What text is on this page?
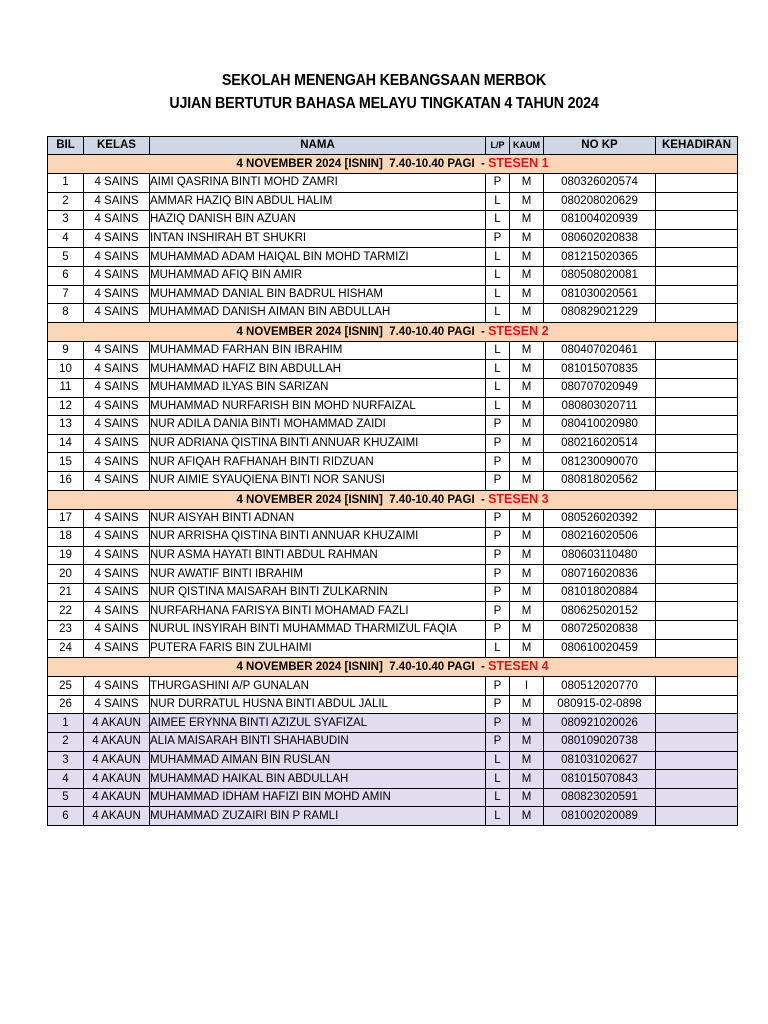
SEKOLAH MENENGAH KEBANGSAAN MERBOK
UJIAN BERTUTUR BAHASA MELAYU TINGKATAN 4 TAHUN 2024
BIL	KELAS	NAMA	L/P	KAUM	NO KP	KEHADIRAN
4 NOVEMBER 2024 [ISNIN]  7.40-10.40 PAGI  - STESEN 1						
1	4 SAINS	AIMI QASRINA BINTI MOHD ZAMRI	P	M	080326020574	
2	4 SAINS	AMMAR HAZIQ BIN ABDUL HALIM	L	M	080208020629	
3	4 SAINS	HAZIQ DANISH BIN AZUAN	L	M	081004020939	
4	4 SAINS	INTAN INSHIRAH BT SHUKRI	P	M	080602020838	
5	4 SAINS	MUHAMMAD ADAM HAIQAL BIN MOHD TARMIZI	L	M	081215020365	
6	4 SAINS	MUHAMMAD AFIQ BIN AMIR	L	M	080508020081	
7	4 SAINS	MUHAMMAD DANIAL BIN BADRUL HISHAM	L	M	081030020561	
8	4 SAINS	MUHAMMAD DANISH AIMAN BIN ABDULLAH	L	M	080829021229	
4 NOVEMBER 2024 [ISNIN]  7.40-10.40 PAGI  - STESEN 2						
9	4 SAINS	MUHAMMAD FARHAN BIN IBRAHIM	L	M	080407020461	
10	4 SAINS	MUHAMMAD HAFIZ BIN ABDULLAH	L	M	081015070835	
11	4 SAINS	MUHAMMAD ILYAS BIN SARIZAN	L	M	080707020949	
12	4 SAINS	MUHAMMAD NURFARISH BIN MOHD NURFAIZAL	L	M	080803020711	
13	4 SAINS	NUR ADILA DANIA BINTI MOHAMMAD ZAIDI	P	M	080410020980	
14	4 SAINS	NUR ADRIANA QISTINA BINTI ANNUAR KHUZAIMI	P	M	080216020514	
15	4 SAINS	NUR AFIQAH RAFHANAH BINTI RIDZUAN	P	M	081230090070	
16	4 SAINS	NUR AIMIE SYAUQIENA BINTI NOR SANUSI	P	M	080818020562	
4 NOVEMBER 2024 [ISNIN]  7.40-10.40 PAGI  - STESEN 3						
17	4 SAINS	NUR AISYAH BINTI ADNAN	P	M	080526020392	
18	4 SAINS	NUR ARRISHA QISTINA BINTI ANNUAR KHUZAIMI	P	M	080216020506	
19	4 SAINS	NUR ASMA HAYATI BINTI ABDUL RAHMAN	P	M	080603110480	
20	4 SAINS	NUR AWATIF BINTI IBRAHIM	P	M	080716020836	
21	4 SAINS	NUR QISTINA MAISARAH BINTI ZULKARNIN	P	M	081018020884	
22	4 SAINS	NURFARHANA FARISYA BINTI MOHAMAD FAZLI	P	M	080625020152	
23	4 SAINS	NURUL INSYIRAH BINTI MUHAMMAD THARMIZUL FAQIA	P	M	080725020838	
24	4 SAINS	PUTERA FARIS BIN ZULHAIMI	L	M	080610020459	
4 NOVEMBER 2024 [ISNIN]  7.40-10.40 PAGI  - STESEN 4						
25	4 SAINS	THURGASHINI A/P GUNALAN	P	I	080512020770	
26	4 SAINS	NUR DURRATUL HUSNA BINTI ABDUL JALIL	P	M	080915-02-0898	
1	4 AKAUN	AIMEE ERYNNA BINTI AZIZUL SYAFIZAL	P	M	080921020026	
2	4 AKAUN	ALIA MAISARAH BINTI SHAHABUDIN	P	M	080109020738	
3	4 AKAUN	MUHAMMAD AIMAN BIN RUSLAN	L	M	081031020627	
4	4 AKAUN	MUHAMMAD HAIKAL BIN ABDULLAH	L	M	081015070843	
5	4 AKAUN	MUHAMMAD IDHAM HAFIZI BIN MOHD AMIN	L	M	080823020591	
6	4 AKAUN	MUHAMMAD ZUZAIRI BIN P RAMLI	L	M	081002020089	
